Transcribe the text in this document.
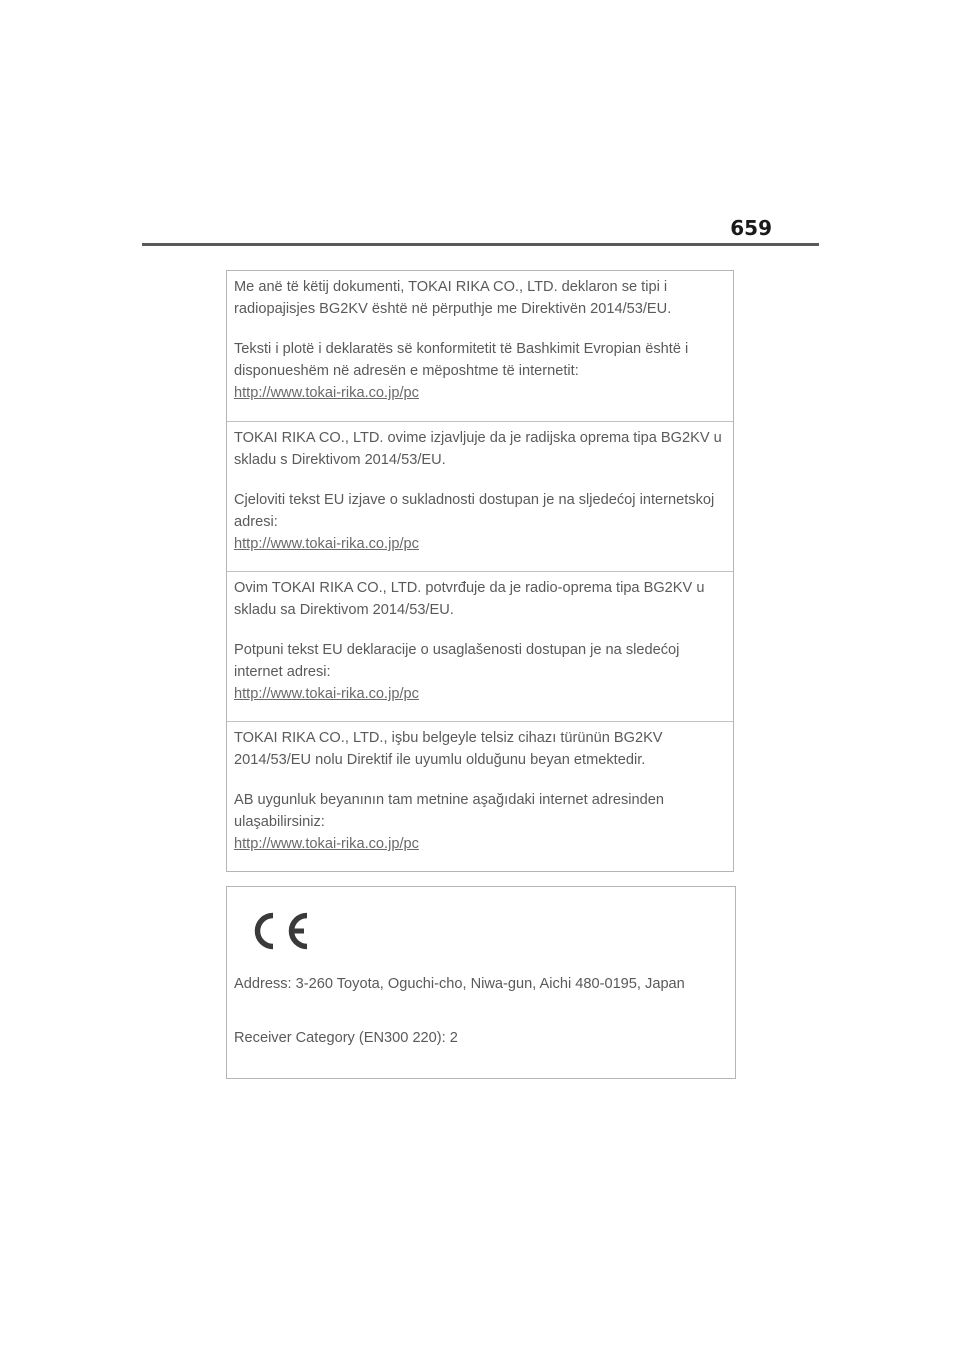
659

Me anë të këtij dokumenti, TOKAI RIKA CO., LTD. deklaron se tipi i radiopajisjes BG2KV është në përputhje me Direktivën 2014/53/EU.

Teksti i plotë i deklaratës së konformitetit të Bashkimit Evropian është i disponueshëm në adresën e mëposhtme të internetit:

http://www.tokai-rika.co.jp/pc

TOKAI RIKA CO., LTD. ovime izjavljuje da je radijska oprema tipa BG2KV u skladu s Direktivom 2014/53/EU.

Cjeloviti tekst EU izjave o sukladnosti dostupan je na sljedećoj internetskoj adresi:

http://www.tokai-rika.co.jp/pc

Ovim TOKAI RIKA CO., LTD. potvrđuje da je radio-oprema tipa BG2KV u skladu sa Direktivom 2014/53/EU.

Potpuni tekst EU deklaracije o usaglašenosti dostupan je na sledećoj internet adresi:

http://www.tokai-rika.co.jp/pc

TOKAI RIKA CO., LTD., işbu belgeyle telsiz cihazı türünün BG2KV 2014/53/EU nolu Direktif ile uyumlu olduğunu beyan etmektedir.

AB uygunluk beyanının tam metnine aşağıdaki internet adresinden ulaşabilirsiniz:

http://www.tokai-rika.co.jp/pc
Address: 3-260 Toyota, Oguchi-cho, Niwa-gun, Aichi 480-0195, Japan
Receiver Category (EN300 220): 2
